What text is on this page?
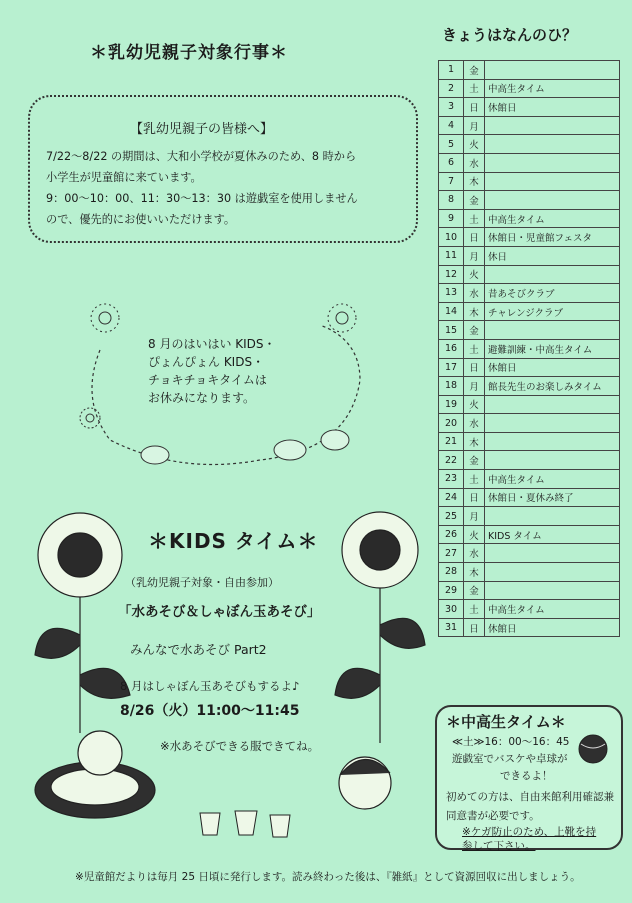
＊乳幼児親子対象行事＊
【乳幼児親子の皆様へ】
7/22～8/22 の期間は、大和小学校が夏休みのため、8 時から
小学生が児童館に来ています。
9：00～10：00、11：30～13：30 は遊戯室を使用しません
ので、優先的にお使いいただけます。
8 月のはいはい KIDS・
ぴょんぴょん KIDS・
チョキチョキタイムは
お休みになります。
＊KIDS タイム＊
（乳幼児親子対象・自由参加）
「水あそび＆しゃぼん玉あそび」
みんなで水あそび Part2
8 月はしゃぼん玉あそびもするよ♪
8/26（火）11:00～11:45
※水あそびできる服できてね。
※児童館だよりは毎月 25 日頃に発行します。読み終わった後は、『雑紙』として資源回収に出しましょう。
きょうはなんのひ？
1	金	
2	土	中高生タイム
3	日	休館日
4	月	
5	火	
6	水	
7	木	
8	金	
9	土	中高生タイム
10	日	休館日・児童館フェスタ
11	月	休日
12	火	
13	水	昔あそびクラブ
14	木	チャレンジクラブ
15	金	
16	土	避難訓練・中高生タイム
17	日	休館日
18	月	館長先生のお楽しみタイム
19	火	
20	水	
21	木	
22	金	
23	土	中高生タイム
24	日	休館日・夏休み終了
25	月	
26	火	KIDS タイム
27	水	
28	木	
29	金	
30	土	中高生タイム
31	日	休館日
＊中高生タイム＊
≪土≫16：00～16：45
遊戯室でバスケや卓球が
できるよ！
初めての方は、自由来館利用確認兼
同意書が必要です。
※ケガ防止のため、上靴を持
参して下さい。
